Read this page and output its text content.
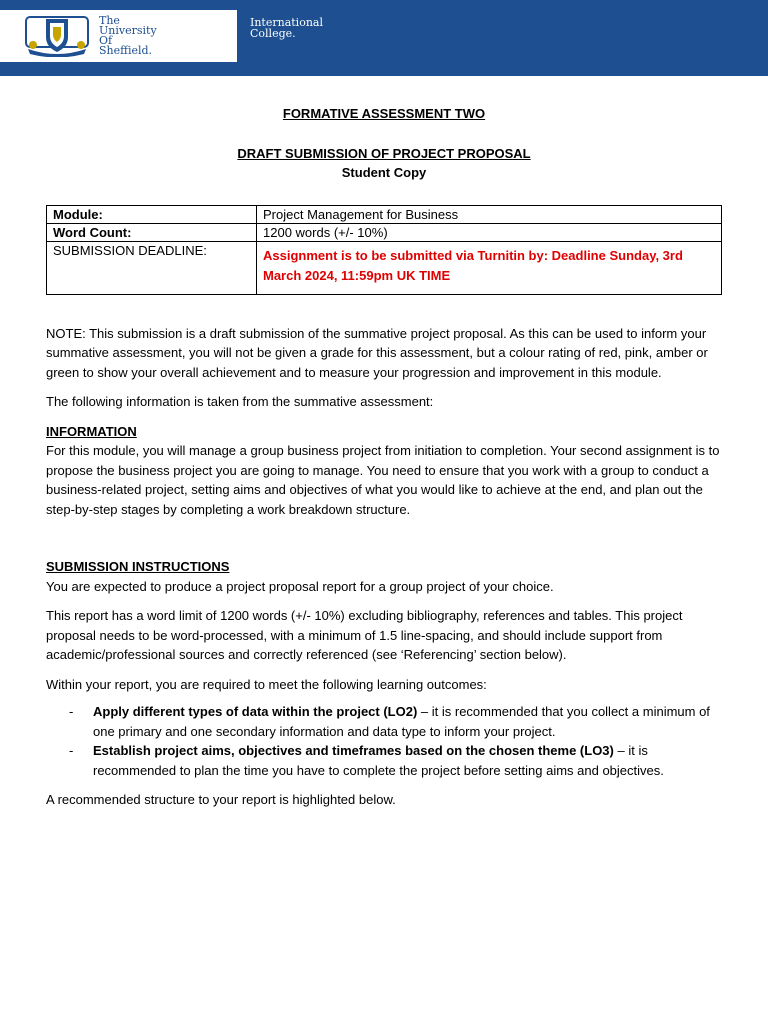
The
University
Of
Sheffield.
International
College.
FORMATIVE ASSESSMENT TWO
DRAFT SUBMISSION OF PROJECT PROPOSAL
Student Copy
Module:	Project Management for Business
Word Count:	1200 words (+/- 10%)
SUBMISSION DEADLINE:	Assignment is to be submitted via Turnitin by: Deadline Sunday, 3rd March 2024, 11:59pm UK TIME

NOTE: This submission is a draft submission of the summative project proposal. As this can be used to inform your summative assessment, you will not be given a grade for this assessment, but a colour rating of red, pink, amber or green to show your overall achievement and to measure your progression and improvement in this module.

The following information is taken from the summative assessment:

INFORMATION

For this module, you will manage a group business project from initiation to completion. Your second assignment is to propose the business project you are going to manage. You need to ensure that you work with a group to conduct a business-related project, setting aims and objectives of what you would like to achieve at the end, and plan out the step-by-step stages by completing a work breakdown structure.

SUBMISSION INSTRUCTIONS

You are expected to produce a project proposal report for a group project of your choice.

This report has a word limit of 1200 words (+/- 10%) excluding bibliography, references and tables. This project proposal needs to be word-processed, with a minimum of 1.5 line-spacing, and should include support from academic/professional sources and correctly referenced (see ‘Referencing’ section below).

Within your report, you are required to meet the following learning outcomes:

- Apply different types of data within the project (LO2) – it is recommended that you collect a minimum of one primary and one secondary information and data type to inform your project.
- Establish project aims, objectives and timeframes based on the chosen theme (LO3) – it is recommended to plan the time you have to complete the project before setting aims and objectives.

A recommended structure to your report is highlighted below.
